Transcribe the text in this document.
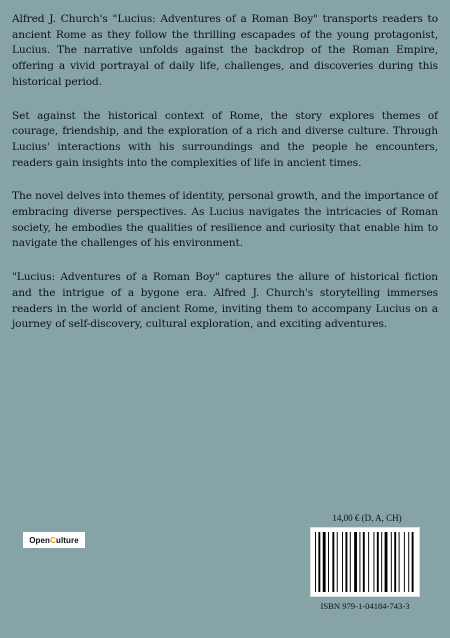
Alfred J. Church's "Lucius: Adventures of a Roman Boy" transports readers to ancient Rome as they follow the thrilling escapades of the young protagonist, Lucius. The narrative unfolds against the backdrop of the Roman Empire, offering a vivid portrayal of daily life, challenges, and discoveries during this historical period.

Set against the historical context of Rome, the story explores themes of courage, friendship, and the exploration of a rich and diverse culture. Through Lucius' interactions with his surroundings and the people he encounters, readers gain insights into the complexities of life in ancient times.

The novel delves into themes of identity, personal growth, and the importance of embracing diverse perspectives. As Lucius navigates the intricacies of Roman society, he embodies the qualities of resilience and curiosity that enable him to navigate the challenges of his environment.

"Lucius: Adventures of a Roman Boy" captures the allure of historical fiction and the intrigue of a bygone era. Alfred J. Church's storytelling immerses readers in the world of ancient Rome, inviting them to accompany Lucius on a journey of self-discovery, cultural exploration, and exciting adventures.

Open C ulture
14,00 € (D, A, CH)
ISBN 979-1-04184-743-3
